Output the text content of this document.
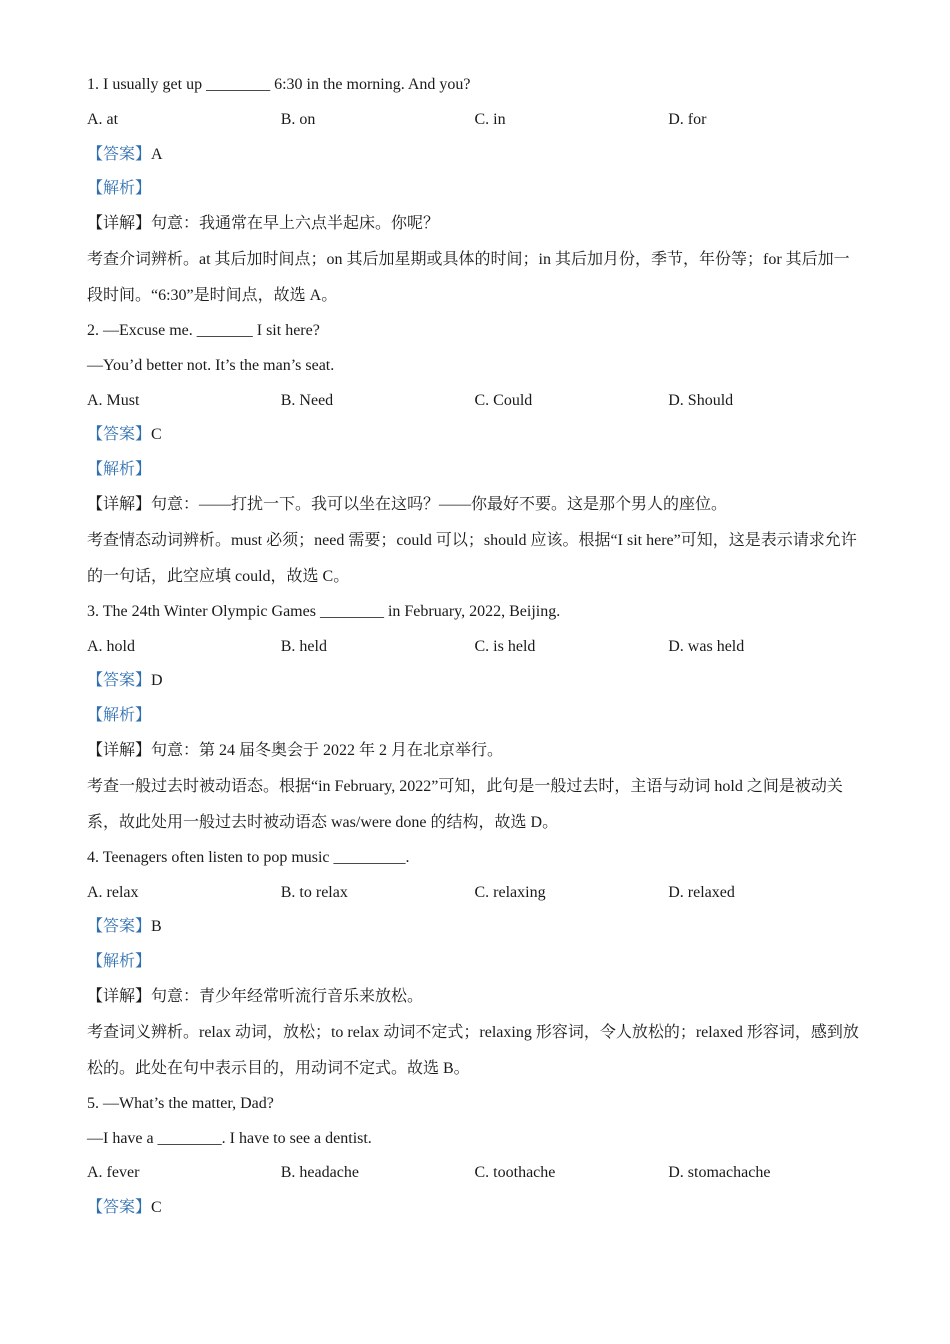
1. I usually get up ________ 6:30 in the morning. And you?
A. at	B. on	C. in	D. for
【答案】A
【解析】
【详解】句意：我通常在早上六点半起床。你呢？
考查介词辨析。at 其后加时间点；on 其后加星期或具体的时间；in 其后加月份，季节，年份等；for 其后加一段时间。“6:30”是时间点，故选 A。
2. —Excuse me. _______ I sit here?
—You’d better not. It’s the man’s seat.
A. Must	B. Need	C. Could	D. Should
【答案】C
【解析】
【详解】句意：——打扰一下。我可以坐在这吗？——你最好不要。这是那个男人的座位。
考查情态动词辨析。must 必须；need 需要；could 可以；should 应该。根据“I sit here”可知，这是表示请求允许的一句话，此空应填 could，故选 C。
3. The 24th Winter Olympic Games ________ in February, 2022, Beijing.
A. hold	B. held	C. is held	D. was held
【答案】D
【解析】
【详解】句意：第 24 届冬奥会于 2022 年 2 月在北京举行。
考查一般过去时被动语态。根据“in February, 2022”可知，此句是一般过去时，主语与动词 hold 之间是被动关系，故此处用一般过去时被动语态 was/were done 的结构，故选 D。
4. Teenagers often listen to pop music _________.
A. relax	B. to relax	C. relaxing	D. relaxed
【答案】B
【解析】
【详解】句意：青少年经常听流行音乐来放松。
考查词义辨析。relax 动词，放松；to relax 动词不定式；relaxing 形容词，令人放松的；relaxed 形容词，感到放松的。此处在句中表示目的，用动词不定式。故选 B。
5. —What’s the matter, Dad?
—I have a ________. I have to see a dentist.
A. fever	B. headache	C. toothache	D. stomachache
【答案】C
